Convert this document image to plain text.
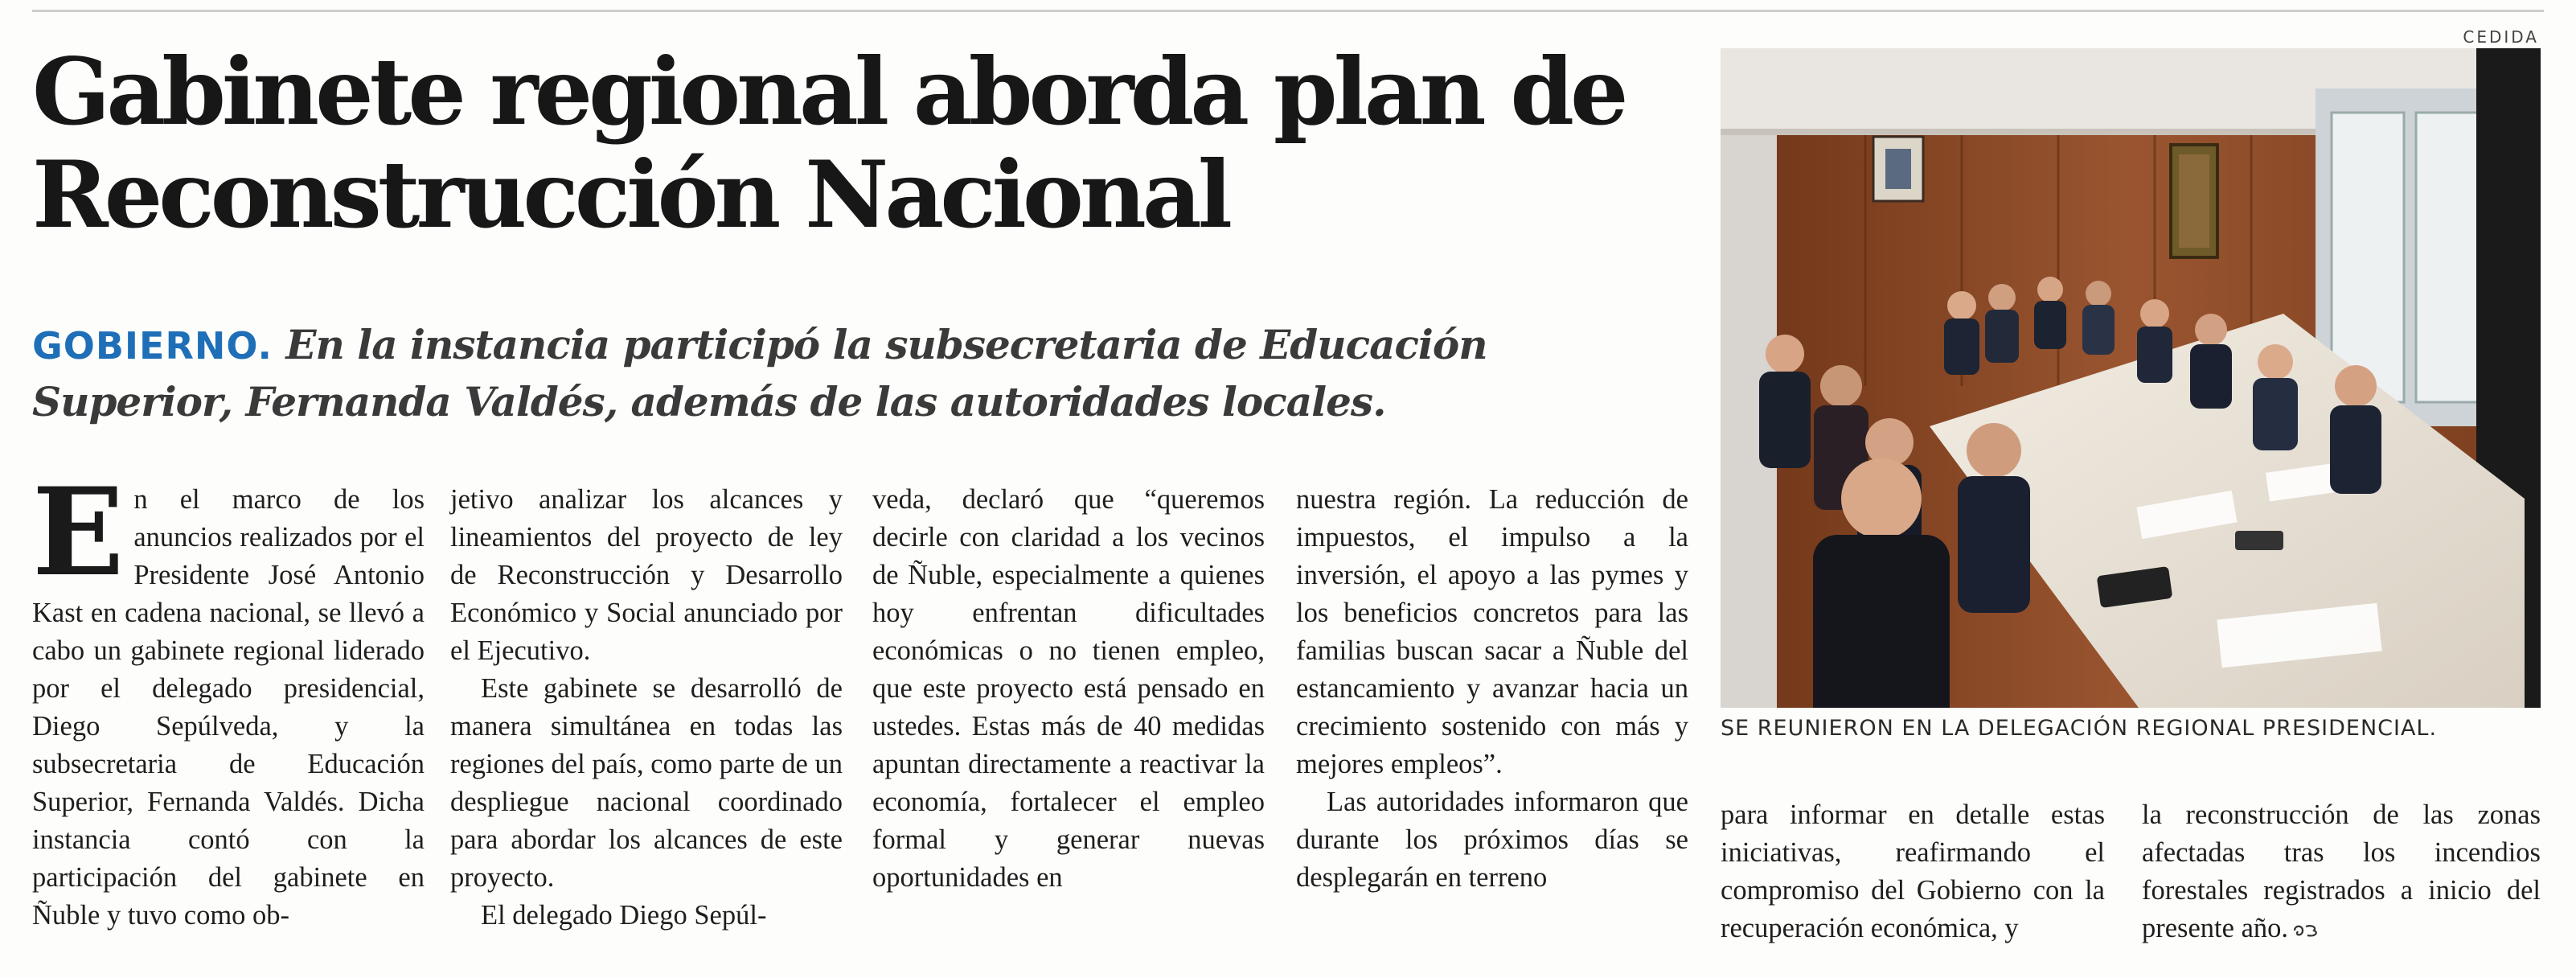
CEDIDA
Gabinete regional aborda plan de Reconstrucción Nacional

GOBIERNO. En la instancia participó la subsecretaria de Educación Superior, Fernanda Valdés, además de las autoridades locales.

En el marco de los anuncios realizados por el Presidente José Antonio Kast en cadena nacional, se llevó a cabo un gabinete regional liderado por el delegado presidencial, Diego Sepúlveda, y la subsecretaria de Educación Superior, Fernanda Valdés. Dicha instancia contó con la participación del gabinete en Ñuble y tuvo como ob-

jetivo analizar los alcances y lineamientos del proyecto de ley de Reconstrucción y Desarrollo Económico y Social anunciado por el Ejecutivo.

Este gabinete se desarrolló de manera simultánea en todas las regiones del país, como parte de un despliegue nacional coordinado para abordar los alcances de este proyecto.

El delegado Diego Sepúl-

veda, declaró que “queremos decirle con claridad a los vecinos de Ñuble, especialmente a quienes hoy enfrentan dificultades económicas o no tienen empleo, que este proyecto está pensado en ustedes. Estas más de 40 medidas apuntan directamente a reactivar la economía, fortalecer el empleo formal y generar nuevas oportunidades en

nuestra región. La reducción de impuestos, el impulso a la inversión, el apoyo a las pymes y los beneficios concretos para las familias buscan sacar a Ñuble del estancamiento y avanzar hacia un crecimiento sostenido con más y mejores empleos”.

Las autoridades informaron que durante los próximos días se desplegarán en terreno

para informar en detalle estas iniciativas, reafirmando el compromiso del Gobierno con la recuperación económica, y

la reconstrucción de las zonas afectadas tras los incendios forestales registrados a inicio del presente año.

SE REUNIERON EN LA DELEGACIÓN REGIONAL PRESIDENCIAL.
